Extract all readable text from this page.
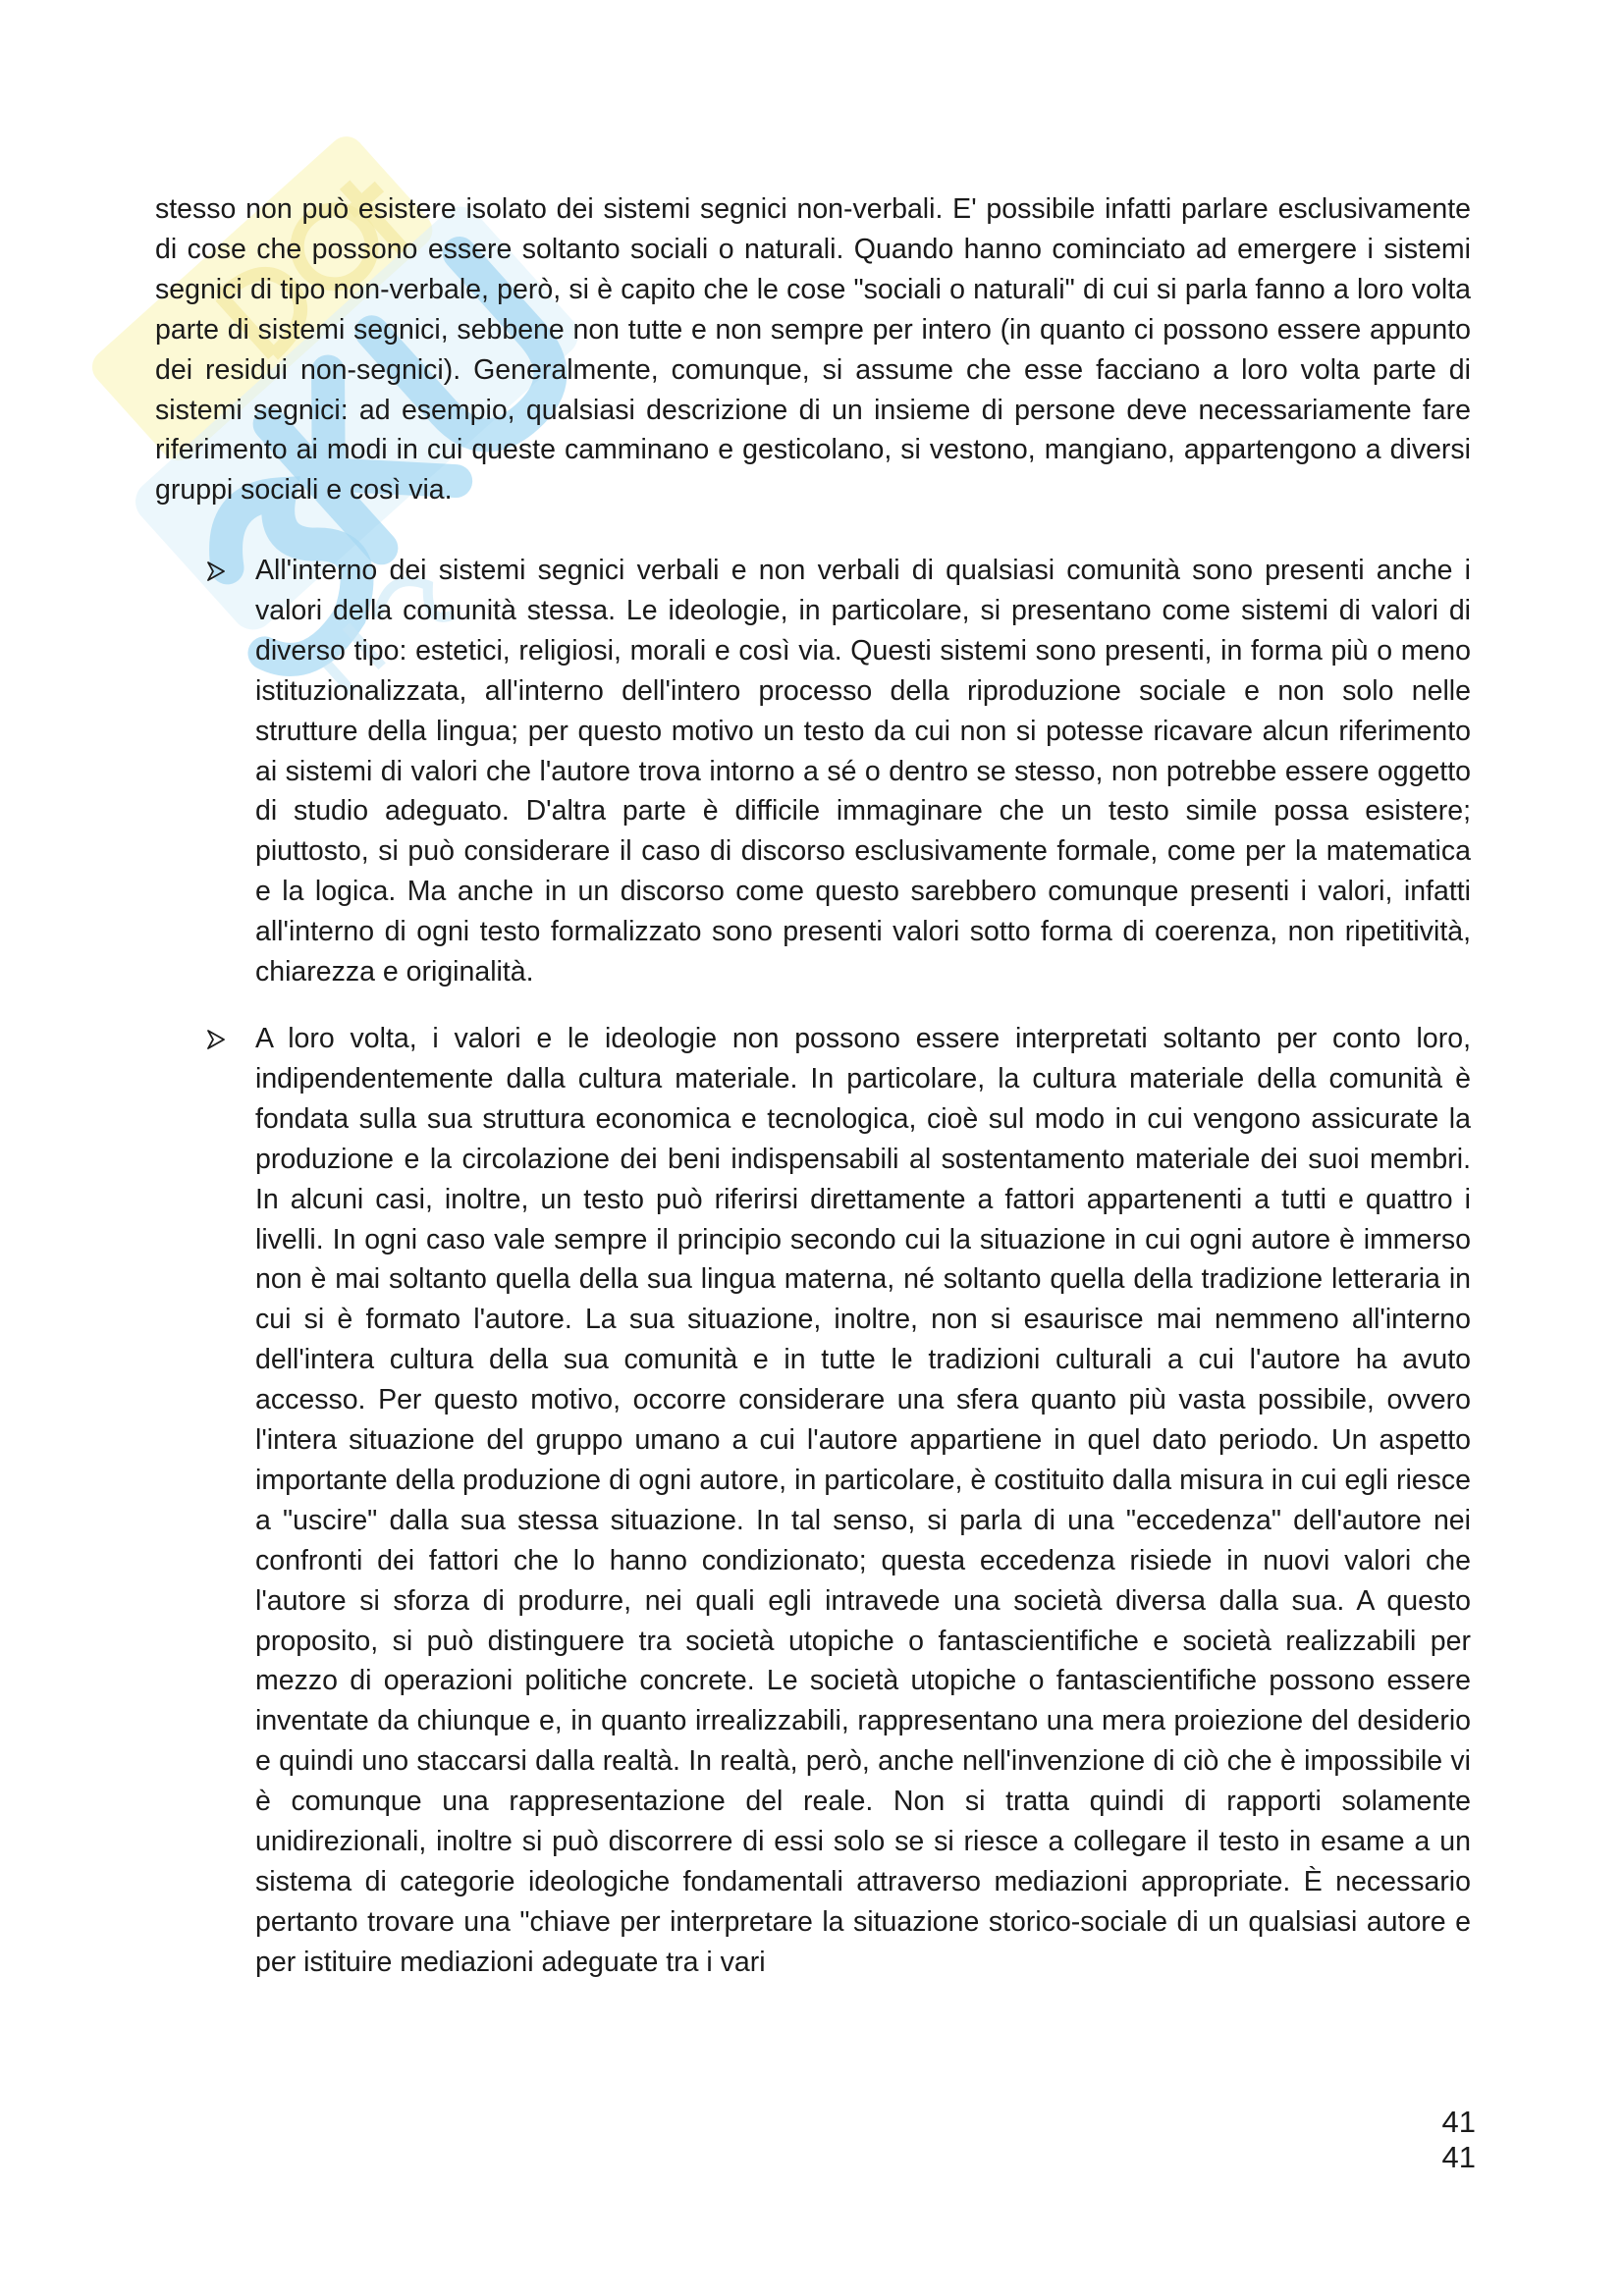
stesso non può esistere isolato dei sistemi segnici non-verbali. E' possibile infatti parlare esclusivamente di cose che possono essere soltanto sociali o naturali. Quando hanno cominciato ad emergere i sistemi segnici di tipo non-verbale, però, si è capito che le cose "sociali o naturali" di cui si parla fanno a loro volta parte di sistemi segnici, sebbene non tutte e non sempre per intero (in quanto ci possono essere appunto dei residui non-segnici). Generalmente, comunque, si assume che esse facciano a loro volta parte di sistemi segnici: ad esempio, qualsiasi descrizione di un insieme di persone deve necessariamente fare riferimento ai modi in cui queste camminano e gesticolano, si vestono, mangiano, appartengono a diversi gruppi sociali e così via.

All'interno dei sistemi segnici verbali e non verbali di qualsiasi comunità sono presenti anche i valori della comunità stessa. Le ideologie, in particolare, si presentano come sistemi di valori di diverso tipo: estetici, religiosi, morali e così via. Questi sistemi sono presenti, in forma più o meno istituzionalizzata, all'interno dell'intero processo della riproduzione sociale e non solo nelle strutture della lingua; per questo motivo un testo da cui non si potesse ricavare alcun riferimento ai sistemi di valori che l'autore trova intorno a sé o dentro se stesso, non potrebbe essere oggetto di studio adeguato. D'altra parte è difficile immaginare che un testo simile possa esistere; piuttosto, si può considerare il caso di discorso esclusivamente formale, come per la matematica e la logica. Ma anche in un discorso come questo sarebbero comunque presenti i valori, infatti all'interno di ogni testo formalizzato sono presenti valori sotto forma di coerenza, non ripetitività, chiarezza e originalità.

A loro volta, i valori e le ideologie non possono essere interpretati soltanto per conto loro, indipendentemente dalla cultura materiale. In particolare, la cultura materiale della comunità è fondata sulla sua struttura economica e tecnologica, cioè sul modo in cui vengono assicurate la produzione e la circolazione dei beni indispensabili al sostentamento materiale dei suoi membri. In alcuni casi, inoltre, un testo può riferirsi direttamente a fattori appartenenti a tutti e quattro i livelli. In ogni caso vale sempre il principio secondo cui la situazione in cui ogni autore è immerso non è mai soltanto quella della sua lingua materna, né soltanto quella della tradizione letteraria in cui si è formato l'autore. La sua situazione, inoltre, non si esaurisce mai nemmeno all'interno dell'intera cultura della sua comunità e in tutte le tradizioni culturali a cui l'autore ha avuto accesso. Per questo motivo, occorre considerare una sfera quanto più vasta possibile, ovvero l'intera situazione del gruppo umano a cui l'autore appartiene in quel dato periodo. Un aspetto importante della produzione di ogni autore, in particolare, è costituito dalla misura in cui egli riesce a "uscire" dalla sua stessa situazione. In tal senso, si parla di una "eccedenza" dell'autore nei confronti dei fattori che lo hanno condizionato; questa eccedenza risiede in nuovi valori che l'autore si sforza di produrre, nei quali egli intravede una società diversa dalla sua. A questo proposito, si può distinguere tra società utopiche o fantascientifiche e società realizzabili per mezzo di operazioni politiche concrete. Le società utopiche o fantascientifiche possono essere inventate da chiunque e, in quanto irrealizzabili, rappresentano una mera proiezione del desiderio e quindi uno staccarsi dalla realtà. In realtà, però, anche nell'invenzione di ciò che è impossibile vi è comunque una rappresentazione del reale. Non si tratta quindi di rapporti solamente unidirezionali, inoltre si può discorrere di essi solo se si riesce a collegare il testo in esame a un sistema di categorie ideologiche fondamentali attraverso mediazioni appropriate. È necessario pertanto trovare una "chiave per interpretare la situazione storico-sociale di un qualsiasi autore e per istituire mediazioni adeguate tra i vari

41
41
